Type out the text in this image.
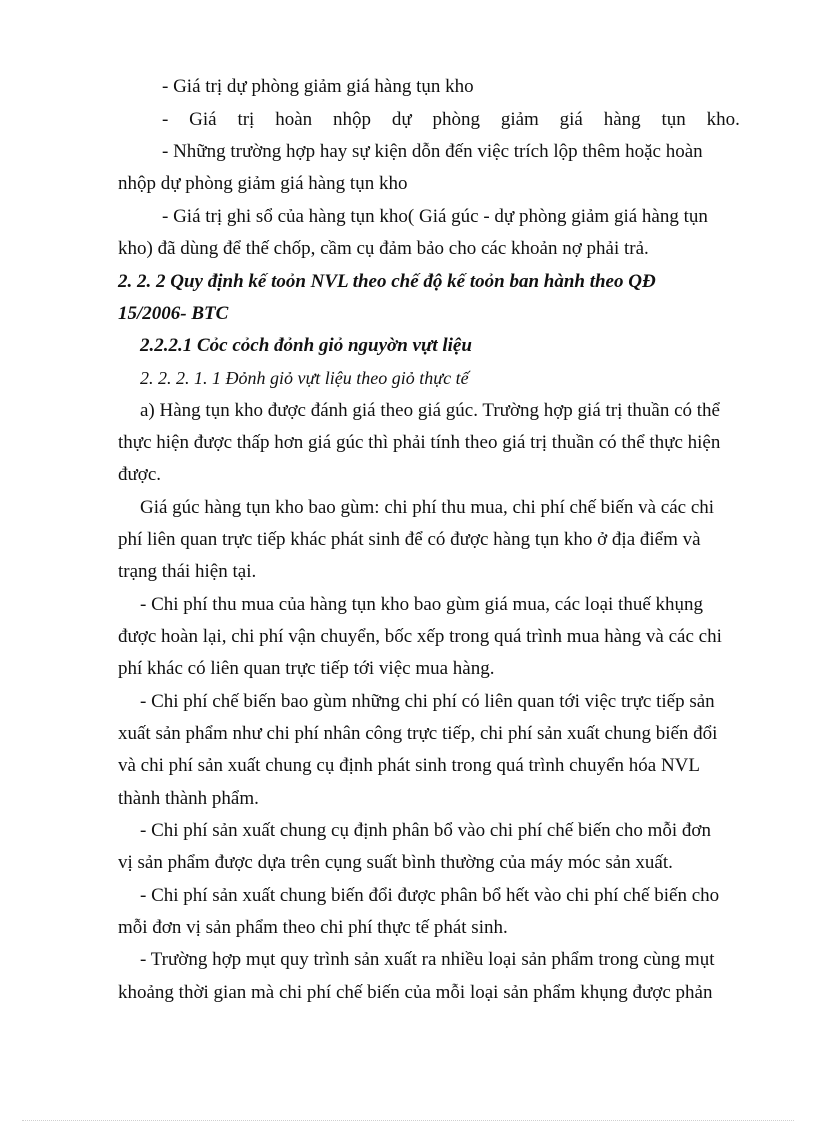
- Giá trị dự phòng giảm giá hàng tụn kho
- Giá trị hoàn nhộp dự phòng giảm giá hàng tụn kho.
- Những trường hợp hay sự kiện dỗn đến việc trích lộp thêm hoặc hoàn
nhộp dự phòng giảm giá hàng tụn kho
- Giá trị ghi sổ của hàng tụn kho( Giá gúc - dự phòng giảm giá hàng tụn
kho) đã dùng để thế chốp, cầm cụ đảm bảo cho các khoản nợ phải trả.
2. 2. 2 Quy định kế toỏn NVL theo chế độ kế toỏn ban hành theo QĐ
15/2006- BTC
2.2.2.1 Cỏc cỏch đỏnh giỏ nguyờn vựt liệu
2. 2. 2. 1. 1 Đỏnh giỏ vựt liệu theo giỏ thực tế
a) Hàng tụn kho được đánh giá theo giá gúc. Trường hợp giá trị thuần có thể
thực hiện được thấp hơn giá gúc thì phải tính theo giá trị thuần có thể thực hiện
được.
Giá gúc hàng tụn kho bao gùm: chi phí thu mua, chi phí chế biến và các chi
phí liên quan trực tiếp khác phát sinh để có được hàng tụn kho ở địa điểm và
trạng thái hiện tại.
- Chi phí thu mua của hàng tụn kho bao gùm giá mua, các loại thuế khụng
được hoàn lại, chi phí vận chuyển, bốc xếp trong quá trình mua hàng và các chi
phí khác có liên quan trực tiếp tới việc mua hàng.
- Chi phí chế biến bao gùm những chi phí có liên quan tới việc trực tiếp sản
xuất sản phẩm như chi phí nhân công trực tiếp, chi phí sản xuất chung biến đổi
và chi phí sản xuất chung cụ định phát sinh trong quá trình chuyển hóa NVL
thành thành phẩm.
- Chi phí sản xuất chung cụ định phân bổ vào chi phí chế biến cho mỗi đơn
vị sản phẩm được dựa trên cụng suất bình thường của máy móc sản xuất.
- Chi phí sản xuất chung biến đổi được phân bổ hết vào chi phí chế biến cho
mỗi đơn vị sản phẩm theo chi phí thực tế phát sinh.
- Trường hợp mụt quy trình sản xuất ra nhiều loại sản phẩm trong cùng mụt
khoảng thời gian mà chi phí chế biến của mỗi loại sản phẩm khụng được phản
